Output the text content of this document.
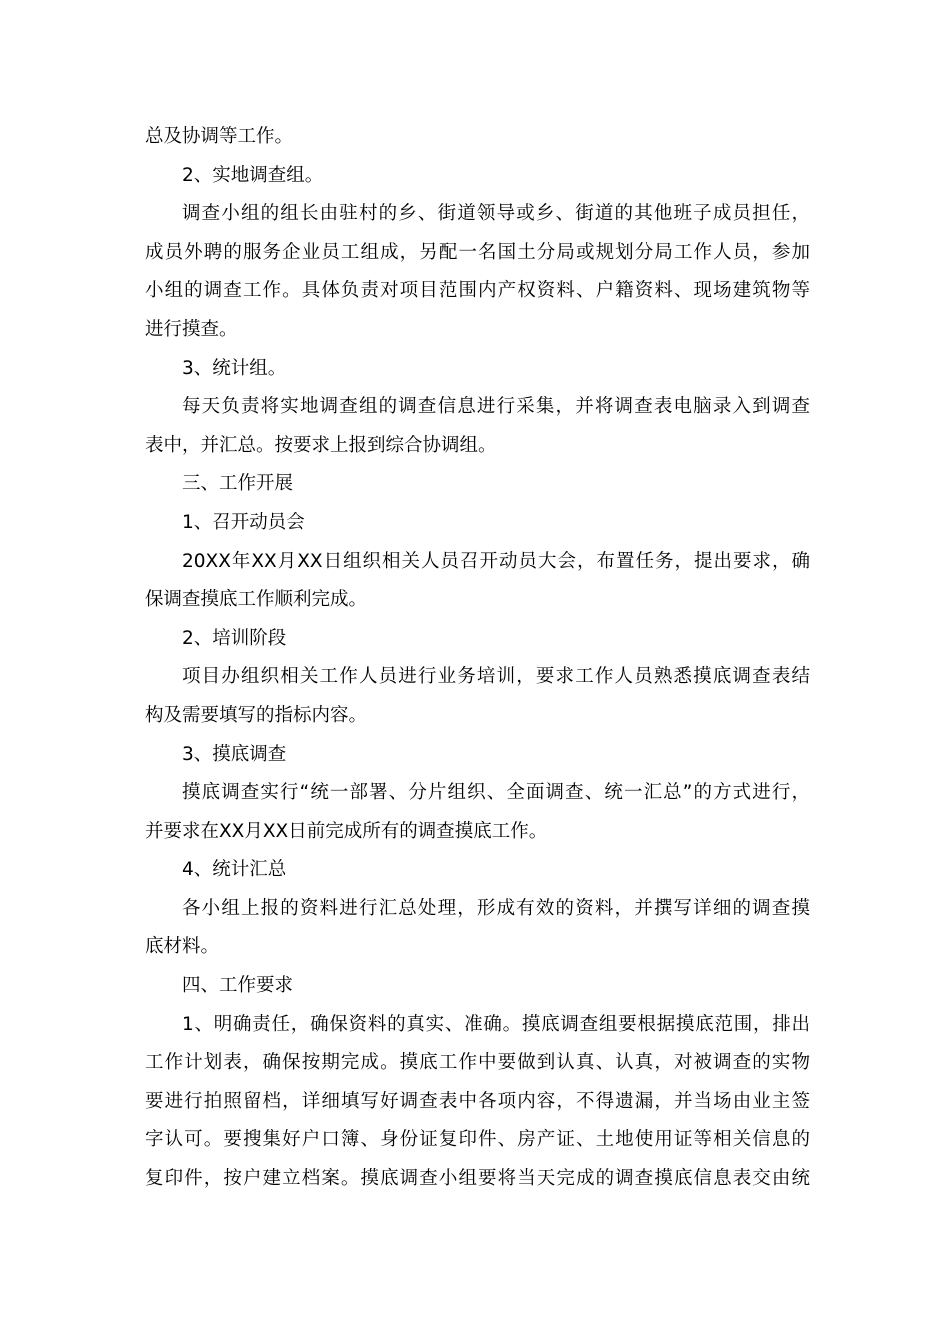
总及协调等工作。
2、实地调查组。
调查小组的组长由驻村的乡、街道领导或乡、街道的其他班子成员担任，
成员外聘的服务企业员工组成，另配一名国土分局或规划分局工作人员，参加
小组的调查工作。具体负责对项目范围内产权资料、户籍资料、现场建筑物等
进行摸查。
3、统计组。
每天负责将实地调查组的调查信息进行采集，并将调查表电脑录入到调查
表中，并汇总。按要求上报到综合协调组。
三、工作开展
1、召开动员会
20XX年XX月XX日组织相关人员召开动员大会，布置任务，提出要求，确
保调查摸底工作顺利完成。
2、培训阶段
项目办组织相关工作人员进行业务培训，要求工作人员熟悉摸底调查表结
构及需要填写的指标内容。
3、摸底调查
摸底调查实行“统一部署、分片组织、全面调查、统一汇总”的方式进行，
并要求在XX月XX日前完成所有的调查摸底工作。
4、统计汇总
各小组上报的资料进行汇总处理，形成有效的资料，并撰写详细的调查摸
底材料。
四、工作要求
1、明确责任，确保资料的真实、准确。摸底调查组要根据摸底范围，排出
工作计划表，确保按期完成。摸底工作中要做到认真、认真，对被调查的实物
要进行拍照留档，详细填写好调查表中各项内容，不得遗漏，并当场由业主签
字认可。要搜集好户口簿、身份证复印件、房产证、土地使用证等相关信息的
复印件，按户建立档案。摸底调查小组要将当天完成的调查摸底信息表交由统
